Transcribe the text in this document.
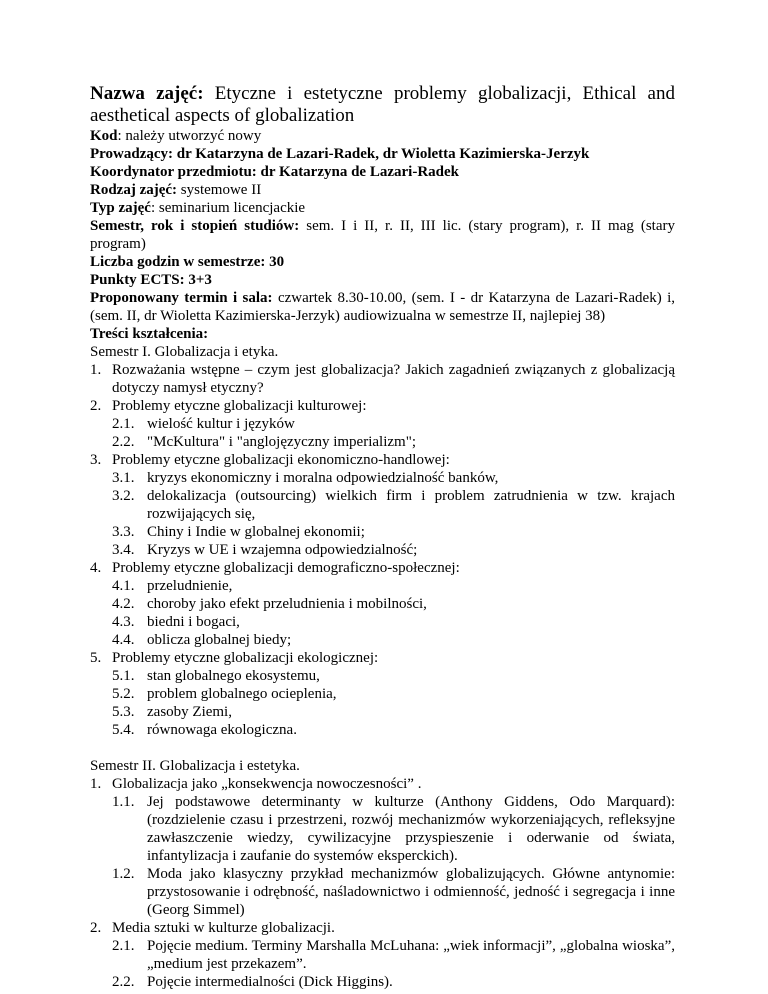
Nazwa zajęć: Etyczne i estetyczne problemy globalizacji, Ethical and aesthetical aspects of globalization

Kod: należy utworzyć nowy

Prowadzący: dr Katarzyna de Lazari-Radek, dr Wioletta Kazimierska-Jerzyk

Koordynator przedmiotu: dr Katarzyna de Lazari-Radek

Rodzaj zajęć: systemowe II

Typ zajęć: seminarium licencjackie

Semestr, rok i stopień studiów: sem. I i II, r. II, III lic. (stary program), r. II mag (stary program)

Liczba godzin w semestrze: 30

Punkty ECTS: 3+3

Proponowany termin i sala: czwartek 8.30-10.00, (sem. I - dr Katarzyna de Lazari-Radek) i, (sem. II, dr Wioletta Kazimierska-Jerzyk) audiowizualna w semestrze II, najlepiej 38)

Treści kształcenia:

Semestr I. Globalizacja i etyka.

1. Rozważania wstępne – czym jest globalizacja? Jakich zagadnień związanych z globalizacją dotyczy namysł etyczny?

2. Problemy etyczne globalizacji kulturowej:

2.1. wielość kultur i języków

2.2. "McKultura" i "anglojęzyczny imperializm";

3. Problemy etyczne globalizacji ekonomiczno-handlowej:

3.1. kryzys ekonomiczny i moralna odpowiedzialność banków,

3.2. delokalizacja (outsourcing) wielkich firm i problem zatrudnienia w tzw. krajach rozwijających się,

3.3. Chiny i Indie w globalnej ekonomii;

3.4. Kryzys w UE i wzajemna odpowiedzialność;

4. Problemy etyczne globalizacji demograficzno-społecznej:

4.1. przeludnienie,

4.2. choroby jako efekt przeludnienia i mobilności,

4.3. biedni i bogaci,

4.4. oblicza globalnej biedy;

5. Problemy etyczne globalizacji ekologicznej:

5.1. stan globalnego ekosystemu,

5.2. problem globalnego ocieplenia,

5.3. zasoby Ziemi,

5.4. równowaga ekologiczna.

Semestr II. Globalizacja i estetyka.

1. Globalizacja jako „konsekwencja nowoczesności” .

1.1. Jej podstawowe determinanty w kulturze (Anthony Giddens, Odo Marquard): (rozdzielenie czasu i przestrzeni, rozwój mechanizmów wykorzeniających, refleksyjne zawłaszczenie wiedzy, cywilizacyjne przyspieszenie i oderwanie od świata, infantylizacja i zaufanie do systemów eksperckich).

1.2. Moda jako klasyczny przykład mechanizmów globalizujących. Główne antynomie: przystosowanie i odrębność, naśladownictwo i odmienność, jedność i segregacja i inne (Georg Simmel)

2. Media sztuki w kulturze globalizacji.

2.1. Pojęcie medium. Terminy Marshalla McLuhana: „wiek informacji”, „globalna wioska”, „medium jest przekazem”.

2.2. Pojęcie intermedialności (Dick Higgins).
